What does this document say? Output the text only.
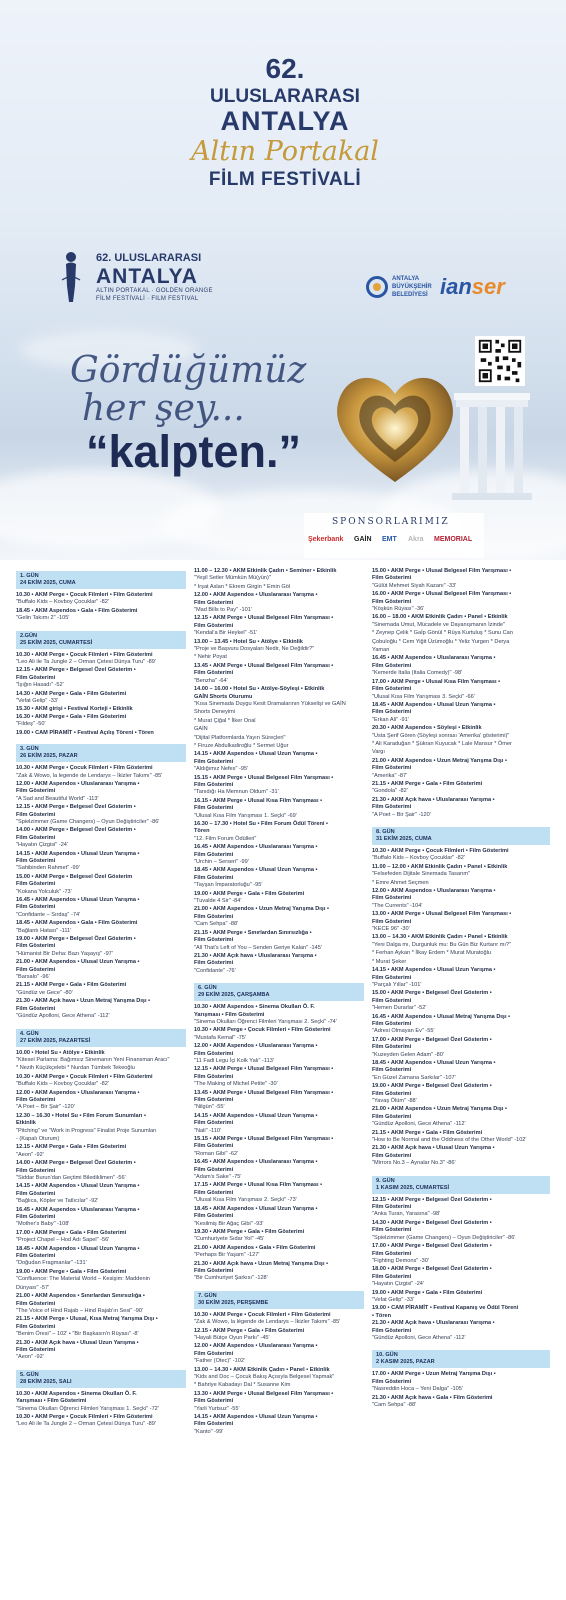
62.
ULUSLARARASI
ANTALYA
Altın Portakal
FİLM FESTİVALİ
62. ULUSLARARASI
ANTALYA
ALTIN PORTAKAL · GOLDEN ORANGE
FİLM FESTİVALİ · FILM FESTIVAL
ANTALYA
BÜYÜKŞEHİR
BELEDİYESİ ianser
Gördüğümüz
her şey...
“kalpten.”
SPONSORLARIMIZ
Şekerbank GAİN EMT Akra MEMORIAL
1. GÜN
24 EKİM 2025, CUMA
10.30 • AKM Perge • Çocuk Filmleri • Film Gösterimi
"Buffalo Kids – Kovboy Çocuklar" -82'
18.45 • AKM Aspendos • Gala • Film Gösterimi
"Gelin Takımı 2" -105'
2.GÜN
25 EKİM 2025, CUMARTESİ
10.30 • AKM Perge • Çocuk Filmleri • Film Gösterimi
"Leo Ali ile Ta Jungle 2 – Orman Çetesi Dünya Turu" -89'
12.15 • AKM Perge • Belgesel Özel Gösterim •
Film Gösterimi
"İşığın Hasadı" -52'
14.30 • AKM Perge • Gala • Film Gösterimi
"Vefat Gelip" -33'
15.30 • AKM girişi • Festival Korteji • Etkinlik
16.30 • AKM Perge • Gala • Film Gösterimi
"Fildeş" -50'
19.00 • CAM PİRAMİT • Festival Açılış Töreni • Tören
3. GÜN
26 EKİM 2025, PAZAR
10.30 • AKM Perge • Çocuk Filmleri • Film Gösterimi
"Zak & Wowo, la legende de Lendarys – İkizler Takımı" -85'
12.00 • AKM Aspendos • Uluslararası Yarışma •
Film Gösterimi
"A Sad and Beautiful World" -113'
12.15 • AKM Perge • Belgesel Özel Gösterim •
Film Gösterimi
"Spielzimmer (Game Changers) – Oyun Değiştiriciler" -86'
14.00 • AKM Perge • Belgesel Özel Gösterim •
Film Gösterimi
"Hayatın Çizgisi" -24'
14.15 • AKM Aspendos • Ulusal Uzun Yarışma •
Film Gösterimi
"Sahibinden Rahmet" -99'
15.00 • AKM Perge • Belgesel Özel Gösterim
Film Gösterimi
"Kokana Yolculuk" -73'
16.45 • AKM Aspendos • Ulusal Uzun Yarışma •
Film Gösterimi
"Confidante – Sırdaş" -74'
18.45 • AKM Aspendos • Gala • Film Gösterimi
"Bağlantı Hatası" -111'
19.00 • AKM Perge • Belgesel Özel Gösterim •
Film Gösterimi
"Hümanist Bir Deha: Bazı Yaşayış" -97'
21.00 • AKM Aspendos • Ulusal Uzun Yarışma •
Film Gösterimi
"Barsalo" -96'
21.15 • AKM Perge • Gala • Film Gösterimi
"Gündüz ve Gece" -80'
21.30 • AKM Açık hava • Uzun Metraj Yarışma Dışı •
Film Gösterimi
"Gündüz Apolloni, Gece Athena" -112'
4. GÜN
27 EKİM 2025, PAZARTESİ
10.00 • Hotel Su • Atölye • Etkinlik
"Kitesel Parlama: Bağımsız Sinemanın Yeni Finansman Aracı"
* Nezih Küçükçelebi * Nurdan Tümbek Tekeoğlu
10.30 • AKM Perge • Çocuk Filmleri • Film Gösterimi
"Buffalo Kids – Kovboy Çocuklar" -82'
12.00 • AKM Aspendos • Uluslararası Yarışma •
Film Gösterimi
"A Poet – Bir Şair" -120'
12.30 – 16.30 • Hotel Su • Film Forum Sunumları •
Etkinlik
"Pitching" ve "Work in Progress" Finalist Proje Sunumları
- (Kapalı Oturum)
12.15 • AKM Perge • Gala • Film Gösterimi
"Aeon" -92'
14.00 • AKM Perge • Belgesel Özel Gösterim •
Film Gösterimi
"Siddar Burun'dan Geçtimi Bilediklimen" -56'
14.15 • AKM Aspendos • Ulusal Uzun Yarışma •
Film Gösterimi
"Bağlıca, Köpler ve Tatlıcılar" -92'
16.45 • AKM Aspendos • Uluslararası Yarışma •
Film Gösterimi
"Mother's Baby" -108'
17.00 • AKM Perge • Gala • Film Gösterimi
"Project Chapel – Hod Adı Sapel" -56'
18.45 • AKM Aspendos • Ulusal Uzun Yarışma •
Film Gösterimi
"Doğudan Fragmanlar" -131'
19.00 • AKM Perge • Gala • Film Gösterimi
"Confluence: The Material World – Kesişim: Maddenin
Dünyası" -57'
21.00 • AKM Aspendos • Sınırlardan Sınırsızlığa •
Film Gösterimi
"The Voice of Hind Rajab – Hind Rajab'ın Sesi" -90'
21.15 • AKM Perge • Ulusal, Kısa Metraj Yarışma Dışı •
Film Gösterimi
"Benim Öresi" – 102' • "Bir Başkasın'n Rüyası" -8'
21.30 • AKM Açık hava • Ulusal Uzun Yarışma •
Film Gösterimi
"Aeon" -92'
5. GÜN
28 EKİM 2025, SALI
10.30 • AKM Aspendos • Sinema Okulları Ö. F.
Yarışması • Film Gösterimi
"Sinema Okulları Öğrenci Filmleri Yarışması 1. Seçki" -72'
10.30 • AKM Perge • Çocuk Filmleri • Film Gösterimi
"Leo Ali ile Ta Jungle 2 – Orman Çetesi Dünya Turu" -89'
11.00 – 12.30 • AKM Etkinlik Çadırı • Seminer • Etkinlik
"Yeşil Setler Mümkün Mü(yün)"
* Irşat Aslan * Ekrem Girgin * Emin Göl
12.00 • AKM Aspendos • Uluslararası Yarışma •
Film Gösterimi
"Mad Bills to Pay" -101'
12.15 • AKM Perge • Ulusal Belgesel Film Yarışması •
Film Gösterimi
"Kendal'a Bir Heykel" -51'
13.00 – 13.45 • Hotel Su • Atölye • Etkinlik
"Proje ve Başvuru Dosyaları Nedir, Ne Değildir?"
* Nehir Poyat
13.45 • AKM Perge • Ulusal Belgesel Film Yarışması •
Film Gösterimi
"Benzha" -64'
14.00 – 16.00 • Hotel Su • Atölye-Söyleşi • Etkinlik
GAİN Shorts Oturumu
"Kısa Sinemada Duygu Kesit Dramalarının Yükselişi ve GAİN
Shorts Deneyimi
* Murat Çiğal * İlker Onal
GAİN
"Dijital Platformlarda Yayın Süreçleri"
* Firuze Abdulkadiroğlu * Sermet Uğur
14.15 • AKM Aspendos • Ulusal Uzun Yarışma •
Film Gösterimi
"Aldığımız Nefes" -95'
15.15 • AKM Perge • Ulusal Belgesel Film Yarışması •
Film Gösterimi
"Tanıdığı Ha Memnun Oldum" -31'
16.15 • AKM Perge • Ulusal Kısa Film Yarışması •
Film Gösterimi
"Ulusal Kısa Film Yarışması 1. Seçki" -69'
16.30 – 17.30 • Hotel Su • Film Forum Ödül Töreni •
Tören
"12. Film Forum Ödülleri"
16.45 • AKM Aspendos • Uluslararası Yarışma •
Film Gösterimi
"Urchin – Serseri" -99'
18.45 • AKM Aspendos • Ulusal Uzun Yarışma •
Film Gösterimi
"Tayşan İmparatorluğu" -95'
19.00 • AKM Perge • Gala • Film Gösterimi
"Tuvalde 4 Sir" -84'
21.00 • AKM Aspendos • Uzun Metraj Yarışma Dışı •
Film Gösterimi
"Cam Sehpa" -88'
21.15 • AKM Perge • Sınırlardan Sınırsızlığa •
Film Gösterimi
"All That's Left of You – Senden Geriye Kalan" -145'
21.30 • AKM Açık hava • Uluslararası Yarışma •
Film Gösterimi
"Confidante" -76'
6. GÜN
29 EKİM 2025, ÇARŞAMBA
10.30 • AKM Aspendos • Sinema Okulları Ö. F.
Yarışması • Film Gösterimi
"Sinema Okulları Öğrenci Filmleri Yarışması 2. Seçki" -74'
10.30 • AKM Perge • Çocuk Filmleri • Film Gösterimi
"Mustafa Kemal" -75'
12.00 • AKM Aspendos • Uluslararası Yarışma •
Film Gösterimi
"11 Fadi Legu İçi Kolk Yalı" -113'
12.15 • AKM Perge • Ulusal Belgesel Film Yarışması •
Film Gösterimi
"The Making of Michel Petite" -30'
13.45 • AKM Perge • Ulusal Belgesel Film Yarışması •
Film Gösterimi
"Nilgün" -55'
14.15 • AKM Aspendos • Ulusal Uzun Yarışma •
Film Gösterimi
"Nali" -110'
15.15 • AKM Perge • Ulusal Belgesel Film Yarışması •
Film Gösterimi
"Roman Gibi" -62'
16.45 • AKM Aspendos • Uluslararası Yarışma •
Film Gösterimi
"Adam's Sake" -75'
17.15 • AKM Perge • Ulusal Kısa Film Yarışması •
Film Gösterimi
"Ulusal Kısa Film Yarışması 2. Seçki" -73'
18.45 • AKM Aspendos • Ulusal Uzun Yarışma •
Film Gösterimi
"Kesilmiş Bir Ağaç Gibi" -93'
19.30 • AKM Perge • Gala • Film Gösterimi
"Cumhuriyete Sıdar Yol" -45'
21.00 • AKM Aspendos • Gala • Film Gösterimi
"Perhaps Bir Yaşam" -127'
21.30 • AKM Açık hava • Uzun Metraj Yarışma Dışı •
Film Gösterimi
"Bir Cumhuriyet Şarkısı" -128'
7. GÜN
30 EKİM 2025, PERŞEMBE
10.30 • AKM Perge • Çocuk Filmleri • Film Gösterimi
"Zak & Wowo, la légende de Lendarys – İkizler Takımı" -85'
12.15 • AKM Perge • Gala • Film Gösterimi
"Hayali Bütçe Oyun Parkı" -45'
12.00 • AKM Aspendos • Uluslararası Yarışma •
Film Gösterimi
"Father (Otec)" -102'
13.00 – 14.30 • AKM Etkinlik Çadırı • Panel • Etkinlik
"Kids and Doc – Çocuk Bakış Açısıyla Belgesel Yapmak"
* Bahriye Kabadayı Dal * Susanne Kim
13.30 • AKM Perge • Ulusal Belgesel Film Yarışması •
Film Gösterimi
"Yarli Yurtsuz" -55'
14.15 • AKM Aspendos • Ulusal Uzun Yarışma •
Film Gösterimi
"Kanto" -99'
15.00 • AKM Perge • Ulusal Belgesel Film Yarışması •
Film Gösterimi
"Gülüt Mehmet Siyah Kazanı" -33'
16.00 • AKM Perge • Ulusal Belgesel Film Yarışması •
Film Gösterimi
"Köşkün Rüyası" -36'
16.00 – 18.00 • AKM Etkinlik Çadırı • Panel • Etkinlik
"Sinemada Umut, Mücadele ve Dayanışmanın İzinde"
* Zeynep Çelik * Gaİp Gönül * Rüya Kurtuluş * Sunu Can
Çobuloğlu * Cem Yiğit Üzümoğlu * Yeliz Yurgen * Derya
Yaman
16.45 • AKM Aspendos • Uluslararası Yarışma •
Film Gösterimi
"Kemerde Italia (Italia Comedy)" -98'
17.00 • AKM Perge • Ulusal Kısa Film Yarışması •
Film Gösterimi
"Ulusal Kısa Film Yarışması 3. Seçki" -66'
18.45 • AKM Aspendos • Ulusal Uzun Yarışma •
Film Gösterimi
"Erkan Ali" -91'
20.30 • AKM Aspendos • Söyleşi • Etkinlik
"Usta Şerif Gören (Söyleşi sonrası 'Amerika' gösterimi)"
* Ali Karaduğan * Şükran Kuyucak * Lale Mansur * Ömer
Vargı
21.00 • AKM Aspendos • Uzun Metraj Yarışma Dışı •
Film Gösterimi
"Amerika" -87'
21.15 • AKM Perge • Gala • Film Gösterimi
"Gondola" -82'
21.30 • AKM Açık hava • Uluslararası Yarışma •
Film Gösterimi
"A Poet – Bir Şair" -120'
8. GÜN
31 EKİM 2025, CUMA
10.30 • AKM Perge • Çocuk Filmleri • Film Gösterimi
"Buffalo Kids – Kovboy Çocuklar" -82'
11.00 – 12.00 • AKM Etkinlik Çadırı • Panel • Etkinlik
"Felsefeden Dijitale Sinemada Tasarım"
* Emre Ahmet Seçmen
12.00 • AKM Aspendos • Uluslararası Yarışma •
Film Gösterimi
"The Currents" -104'
13.00 • AKM Perge • Ulusal Belgesel Film Yarışması •
Film Gösterimi
"KECE 96" -30'
13.00 – 14.30 • AKM Etkinlik Çadırı • Panel • Etkinlik
"Yeni Dalga mı, Durgunluk mu: Bu Gün Biz Kurtarır mı?"
* Ferhan Aykan * İlkay Erdem * Murat Muratoğlu
* Murat Şeker
14.15 • AKM Aspendos • Ulusal Uzun Yarışma •
Film Gösterimi
"Parçalı Yıllar" -101'
15.00 • AKM Perge • Belgesel Özel Gösterim •
Film Gösterimi
"Hemen Durarlar" -52'
16.45 • AKM Aspendos • Ulusal Metraj Yarışma Dışı •
Film Gösterimi
"Adresi Olmayan Ev" -55'
17.00 • AKM Perge • Belgesel Özel Gösterim •
Film Gösterimi
"Kuzeyden Gelen Adam" -80'
18.45 • AKM Aspendos • Ulusal Uzun Yarışma •
Film Gösterimi
"En Güzel Zamana Sarkılar" -107'
19.00 • AKM Perge • Belgesel Özel Gösterim •
Film Gösterimi
"Yavaş Ölüm" -88'
21.00 • AKM Aspendos • Uzun Metraj Yarışma Dışı •
Film Gösterimi
"Gündüz Apolloni, Gece Athena" -112'
21.15 • AKM Perge • Gala • Film Gösterimi
"How to Be Normal and the Oddness of the Other World" -102'
21.30 • AKM Açık hava • Ulusal Uzun Yarışma •
Film Gösterimi
"Mirrors No.3 – Aynalar No.3" -86'
9. GÜN
1 KASIM 2025, CUMARTESİ
12.15 • AKM Perge • Belgesel Özel Gösterim •
Film Gösterimi
"Anka Turan, Yarasına" -98'
14.30 • AKM Perge • Belgesel Özel Gösterim •
Film Gösterimi
"Spielzimmer (Game Changers) – Oyun Değiştiriciler" -86'
17.00 • AKM Perge • Belgesel Özel Gösterim •
Film Gösterimi
"Fighting Demons" -30'
18.00 • AKM Perge • Belgesel Özel Gösterim •
Film Gösterimi
"Hayatın Çizgisi" -24'
19.00 • AKM Perge • Gala • Film Gösterimi
"Vefat Gelip" -33'
19.00 • CAM PİRAMİT • Festival Kapanış ve Ödül Töreni
• Tören
21.30 • AKM Açık hava • Uluslararası Yarışma •
Film Gösterimi
"Gündüz Apolloni, Gece Athena" -112'
10. GÜN
2 KASIM 2025, PAZAR
17.00 • AKM Perge • Uzun Metraj Yarışma Dışı •
Film Gösterimi
"Nasreddin Hoca – Yeni Dalga" -105'
21.30 • AKM Açık hava • Gala • Film Gösterimi
"Cam Sehpa" -88'
